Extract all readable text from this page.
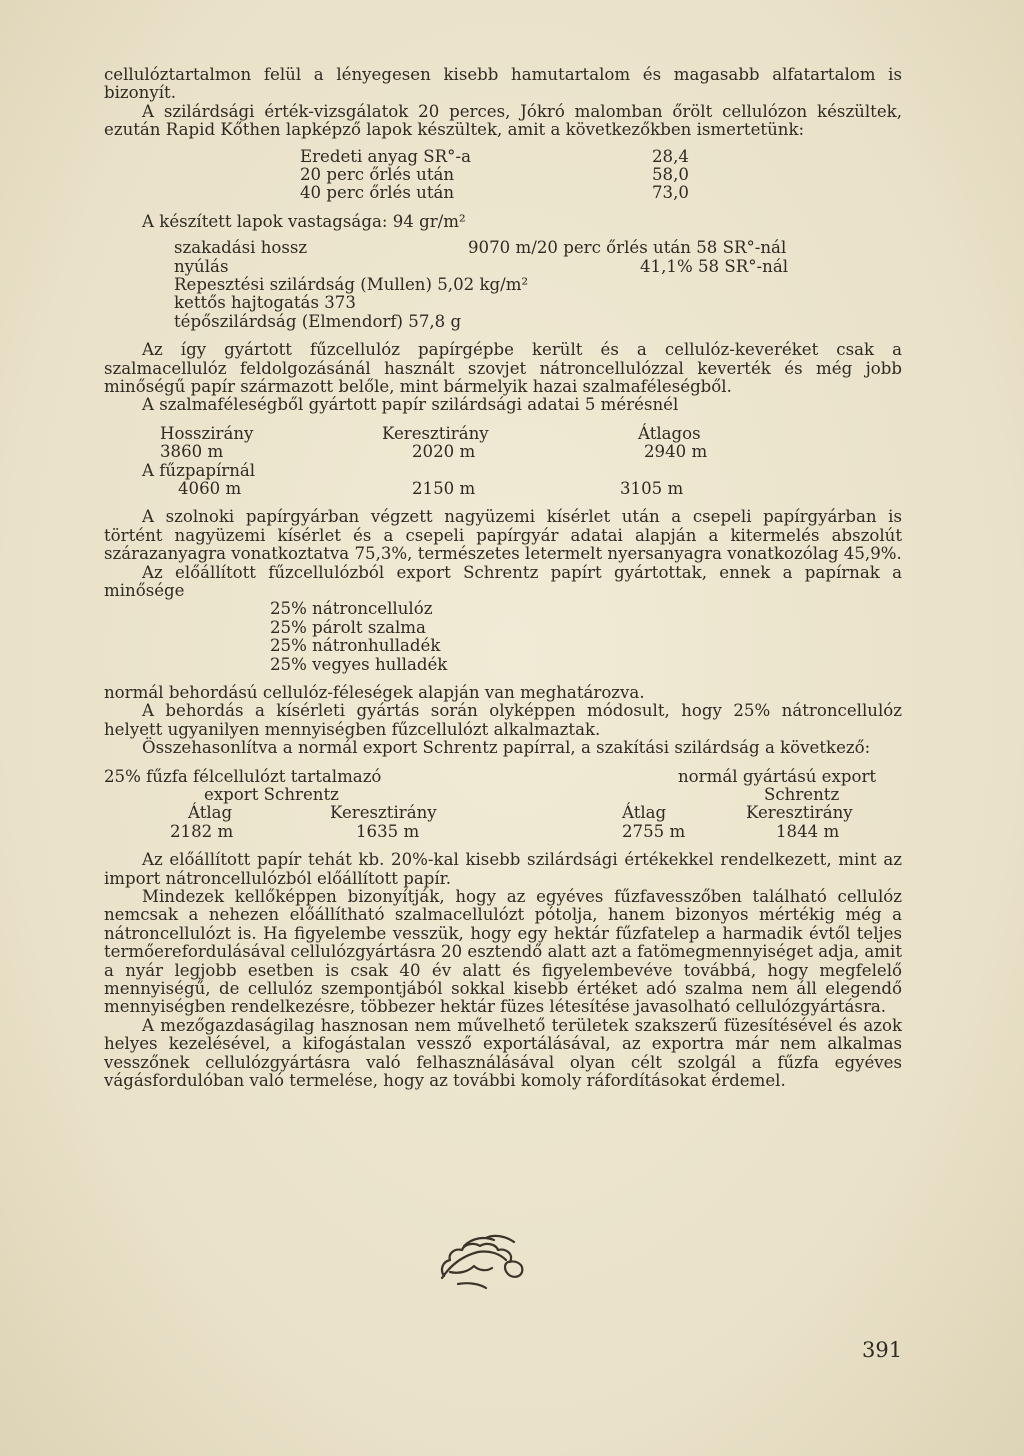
cellulóztartalmon felül a lényegesen kisebb hamutartalom és magasabb alfatartalom is bizonyít.

A szilárdsági érték-vizsgálatok 20 perces, Jókró malomban őrölt cellulózon készültek, ezután Rapid Kőthen lapképző lapok készültek, amit a következőkben ismertetünk:

Eredeti anyag SR°-a	28,4
20 perc őrlés után	58,0
40 perc őrlés után	73,0

A készített lapok vastagsága: 94 gr/m²

szakadási hossz	9070 m/20 perc őrlés után 58 SR°-nál
nyúlás	41,1% 58 SR°-nál
Repesztési szilárdság (Mullen) 5,02 kg/m²
kettős hajtogatás 373
tépőszilárdság (Elmendorf) 57,8 g

Az így gyártott fűzcellulóz papírgépbe került és a cellulóz-keveréket csak a szalmacellulóz feldolgozásánál használt szovjet nátroncellulózzal keverték és még jobb minőségű papír származott belőle, mint bármelyik hazai szalmaféleségből.

A szalmaféleségből gyártott papír szilárdsági adatai 5 mérésnél

Hosszirány	Keresztirány	Átlagos
3860 m	2020 m	2940 m
A fűzpapírnál
4060 m	2150 m	3105 m

A szolnoki papírgyárban végzett nagyüzemi kísérlet után a csepeli papírgyárban is történt nagyüzemi kísérlet és a csepeli papírgyár adatai alapján a kitermelés abszolút szárazanyagra vonatkoztatva 75,3%, természetes letermelt nyersanyagra vonatkozólag 45,9%.

Az előállított fűzcellulózból export Schrentz papírt gyártottak, ennek a papírnak a minősége

25% nátroncellulóz
25% párolt szalma
25% nátronhulladék
25% vegyes hulladék

normál behordású cellulóz-féleségek alapján van meghatározva.

A behordás a kísérleti gyártás során olyképpen módosult, hogy 25% nátroncellulóz helyett ugyanilyen mennyiségben fűzcellulózt alkalmaztak.

Összehasonlítva a normál export Schrentz papírral, a szakítási szilárdság a következő:

25% fűzfa félcellulózt tartalmazó	normál gyártású export
export Schrentz	Schrentz
Átlag	Keresztirány	Átlag	Keresztirány
2182 m	1635 m	2755 m	1844 m

Az előállított papír tehát kb. 20%-kal kisebb szilárdsági értékekkel rendelkezett, mint az import nátroncellulózból előállított papír.

Mindezek kellőképpen bizonyítják, hogy az egyéves fűzfavesszőben található cellulóz nemcsak a nehezen előállítható szalmacellulózt pótolja, hanem bizonyos mértékig még a nátroncellulózt is. Ha figyelembe vesszük, hogy egy hektár fűzfatelep a harmadik évtől teljes termőerefordulásával cellulózgyártásra 20 esztendő alatt azt a fatömegmennyiséget adja, amit a nyár legjobb esetben is csak 40 év alatt és figyelembevéve továbbá, hogy megfelelő mennyiségű, de cellulóz szempontjából sokkal kisebb értéket adó szalma nem áll elegendő mennyiségben rendelkezésre, többezer hektár füzes létesítése javasolható cellulózgyártásra.

A mezőgazdaságilag hasznosan nem művelhető területek szakszerű füzesítésével és azok helyes kezelésével, a kifogástalan vessző exportálásával, az exportra már nem alkalmas vesszőnek cellulózgyártásra való felhasználásával olyan célt szolgál a fűzfa egyéves vágásfordulóban való termelése, hogy az további komoly ráfordításokat érdemel.

391
